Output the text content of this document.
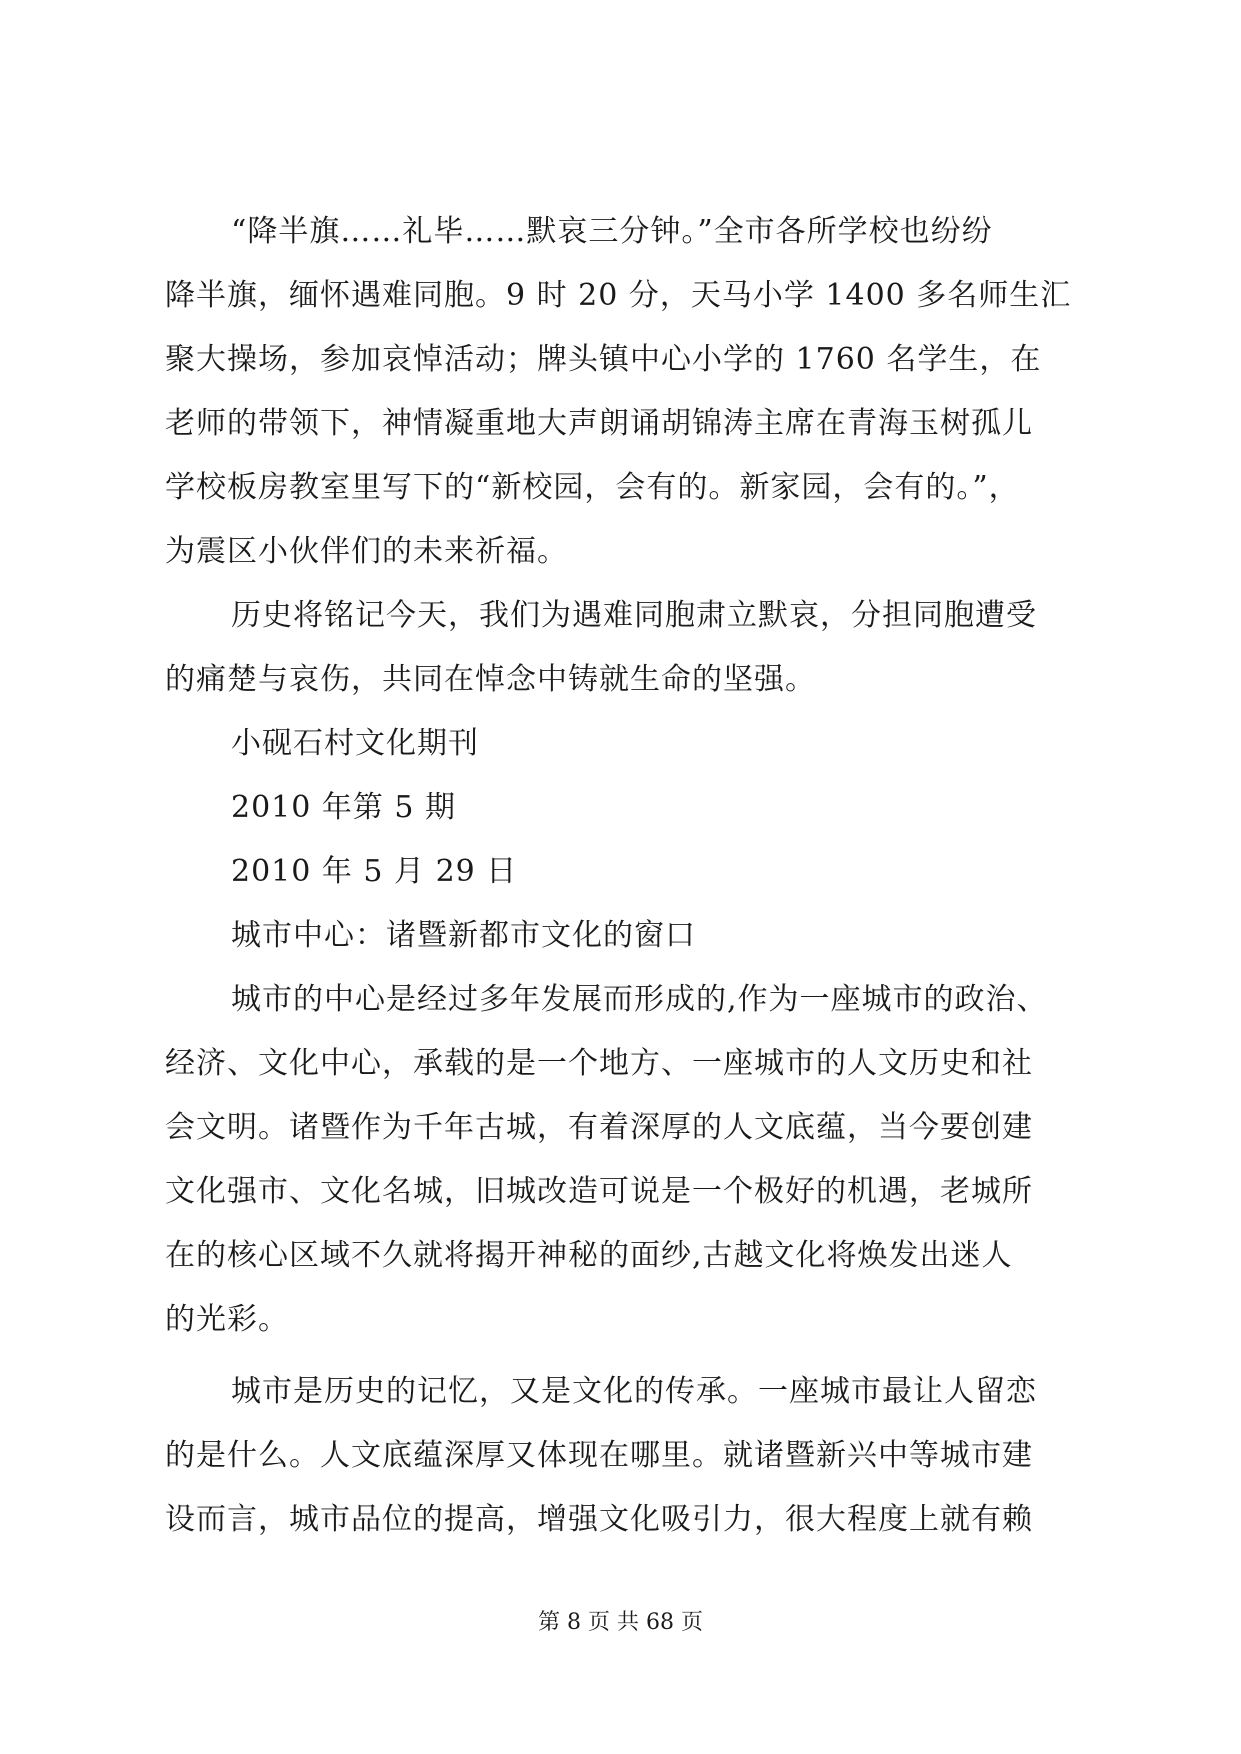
“降半旗……礼毕……默哀三分钟。”全市各所学校也纷纷
降半旗，缅怀遇难同胞。9 时 20 分，天马小学 1400 多名师生汇
聚大操场，参加哀悼活动；牌头镇中心小学的 1760 名学生，在
老师的带领下，神情凝重地大声朗诵胡锦涛主席在青海玉树孤儿
学校板房教室里写下的“新校园，会有的。新家园，会有的。”，
为震区小伙伴们的未来祈福。
历史将铭记今天，我们为遇难同胞肃立默哀，分担同胞遭受
的痛楚与哀伤，共同在悼念中铸就生命的坚强。
小砚石村文化期刊
2010 年第 5 期
2010 年 5 月 29 日
城市中心：诸暨新都市文化的窗口
城市的中心是经过多年发展而形成的,作为一座城市的政治、
经济、文化中心，承载的是一个地方、一座城市的人文历史和社
会文明。诸暨作为千年古城，有着深厚的人文底蕴，当今要创建
文化强市、文化名城，旧城改造可说是一个极好的机遇，老城所
在的核心区域不久就将揭开神秘的面纱,古越文化将焕发出迷人
的光彩。
城市是历史的记忆，又是文化的传承。一座城市最让人留恋
的是什么。人文底蕴深厚又体现在哪里。就诸暨新兴中等城市建
设而言，城市品位的提高，增强文化吸引力，很大程度上就有赖
第 8 页 共 68 页
